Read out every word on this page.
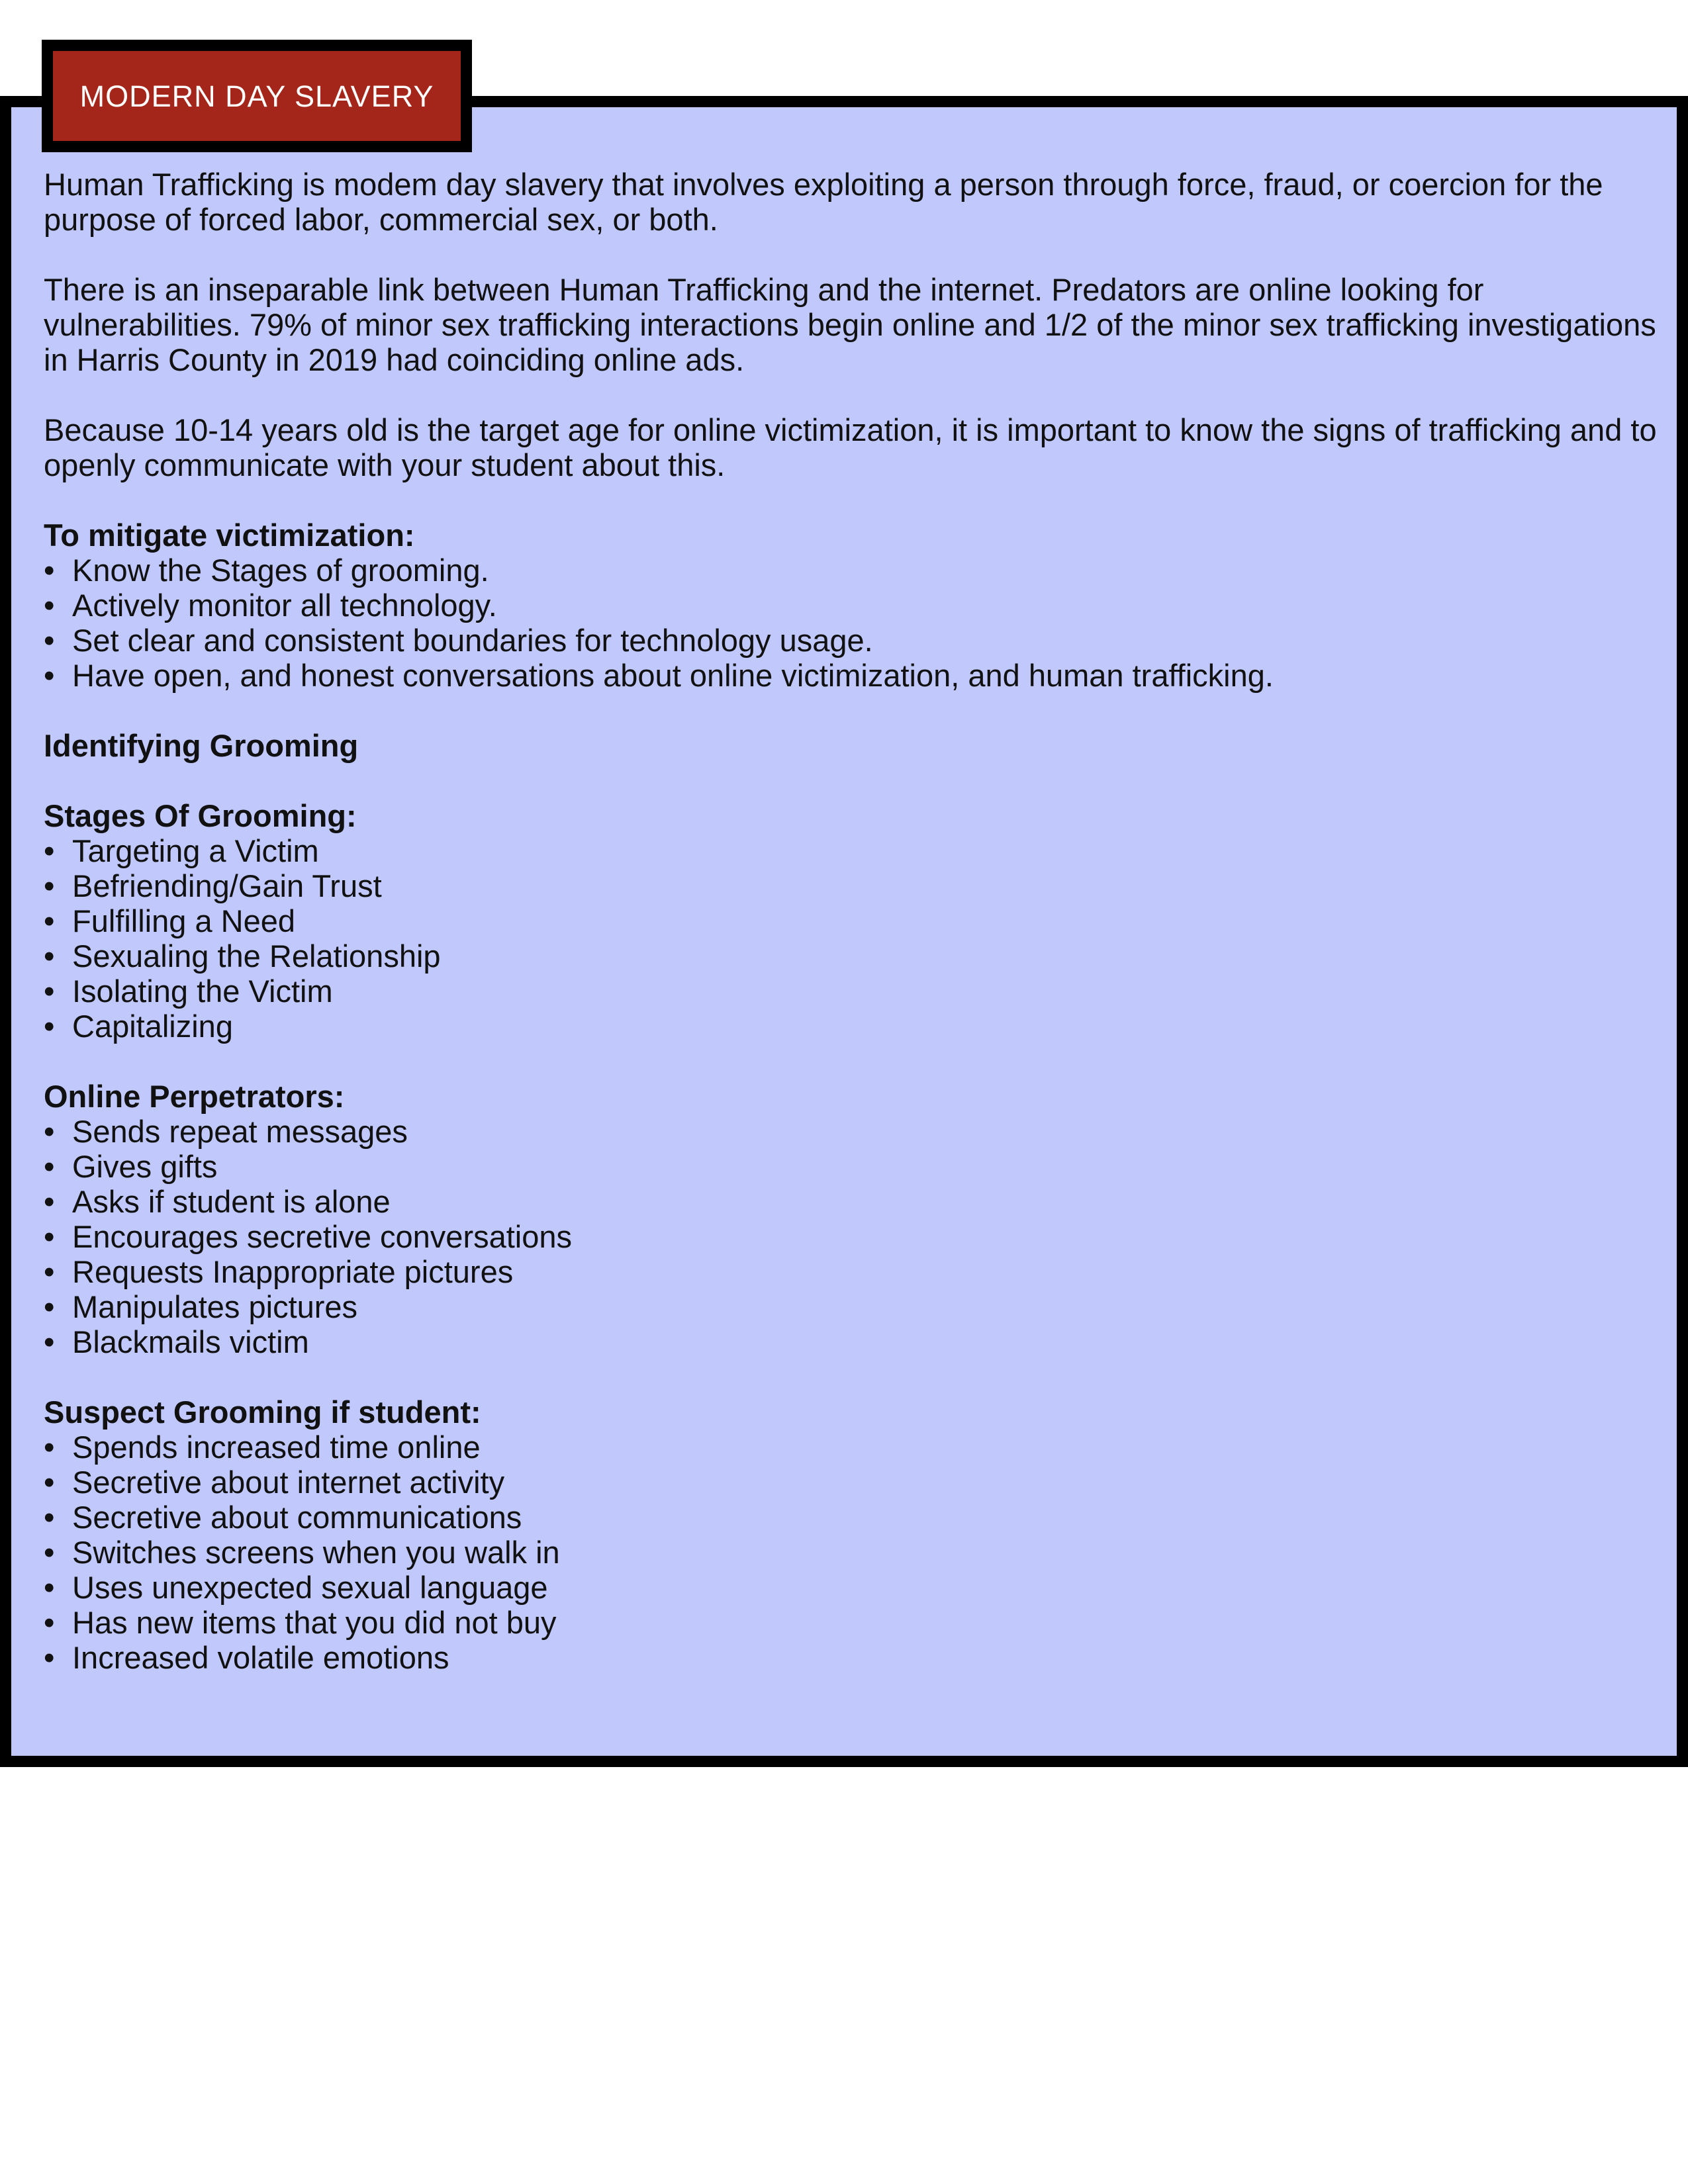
MODERN DAY SLAVERY

Human Trafficking is modem day slavery that involves exploiting a person through force, fraud, or coercion for the purpose of forced labor, commercial sex, or both.

There is an inseparable link between Human Trafficking and the internet. Predators are online looking for vulnerabilities. 79% of minor sex trafficking interactions begin online and 1/2 of the minor sex trafficking investigations in Harris County in 2019 had coinciding online ads.

Because 10-14 years old is the target age for online victimization, it is important to know the signs of trafficking and to openly communicate with your student about this.

To mitigate victimization:

• Know the Stages of grooming.
• Actively monitor all technology.
• Set clear and consistent boundaries for technology usage.
• Have open, and honest conversations about online victimization, and human trafficking.

Identifying Grooming

Stages Of Grooming:

• Targeting a Victim
• Befriending/Gain Trust
• Fulfilling a Need
• Sexualing the Relationship
• Isolating the Victim
• Capitalizing

Online Perpetrators:

• Sends repeat messages
• Gives gifts
• Asks if student is alone
• Encourages secretive conversations
• Requests Inappropriate pictures
• Manipulates pictures
• Blackmails victim

Suspect Grooming if student:

• Spends increased time online
• Secretive about internet activity
• Secretive about communications
• Switches screens when you walk in
• Uses unexpected sexual language
• Has new items that you did not buy
• Increased volatile emotions
